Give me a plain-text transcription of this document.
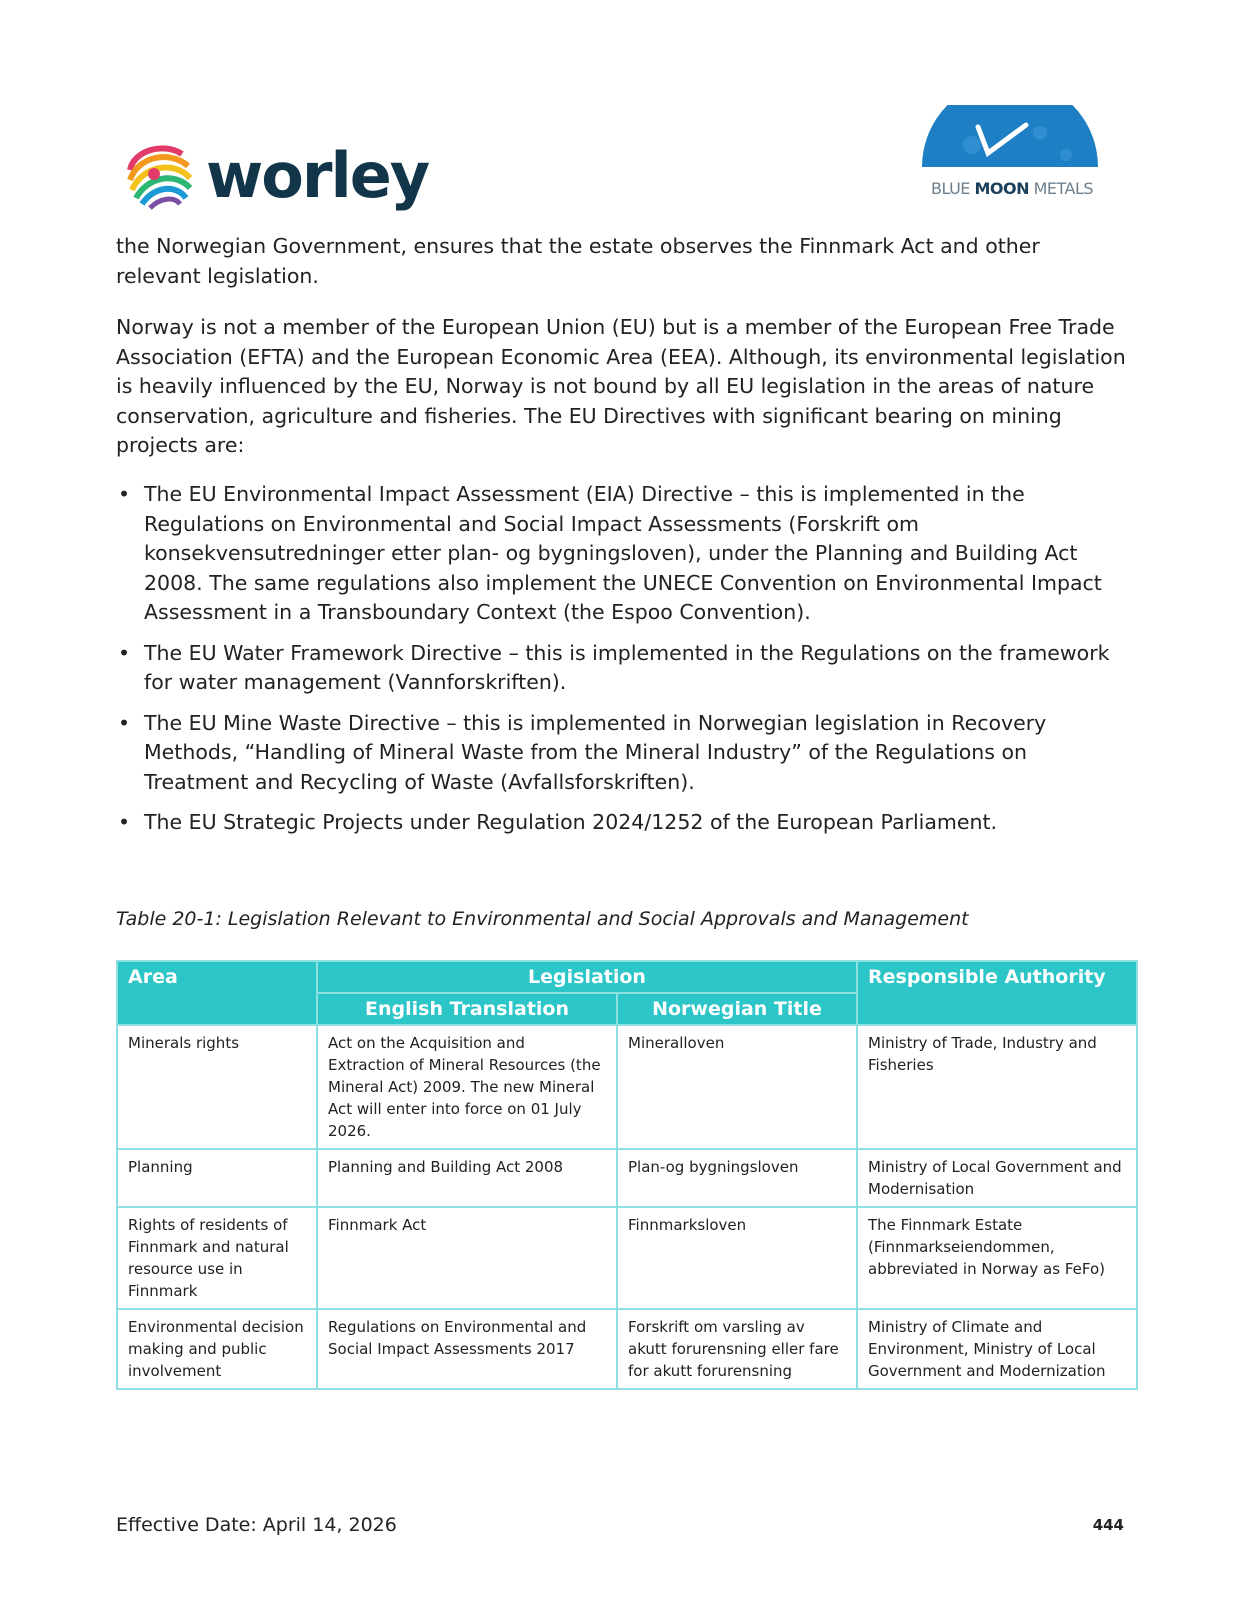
worley	BLUE MOON METALS

the Norwegian Government, ensures that the estate observes the Finnmark Act and other relevant legislation.

Norway is not a member of the European Union (EU) but is a member of the European Free Trade Association (EFTA) and the European Economic Area (EEA). Although, its environmental legislation is heavily influenced by the EU, Norway is not bound by all EU legislation in the areas of nature conservation, agriculture and fisheries. The EU Directives with significant bearing on mining projects are:

• The EU Environmental Impact Assessment (EIA) Directive – this is implemented in the Regulations on Environmental and Social Impact Assessments (Forskrift om konsekvensutredninger etter plan- og bygningsloven), under the Planning and Building Act 2008. The same regulations also implement the UNECE Convention on Environmental Impact Assessment in a Transboundary Context (the Espoo Convention).
• The EU Water Framework Directive – this is implemented in the Regulations on the framework for water management (Vannforskriften).
• The EU Mine Waste Directive – this is implemented in Norwegian legislation in Recovery Methods, “Handling of Mineral Waste from the Mineral Industry” of the Regulations on Treatment and Recycling of Waste (Avfallsforskriften).
• The EU Strategic Projects under Regulation 2024/1252 of the European Parliament.
Table 20-1: Legislation Relevant to Environmental and Social Approvals and Management
Area	Legislation		Responsible Authority
	English Translation	Norwegian Title	
Minerals rights	Act on the Acquisition and Extraction of Mineral Resources (the Mineral Act) 2009. The new Mineral Act will enter into force on 01 July 2026.	Mineralloven	Ministry of Trade, Industry and Fisheries
Planning	Planning and Building Act 2008	Plan-og bygningsloven	Ministry of Local Government and Modernisation
Rights of residents of Finnmark and natural resource use in Finnmark	Finnmark Act	Finnmarksloven	The Finnmark Estate (Finnmarkseiendommen, abbreviated in Norway as FeFo)
Environmental decision making and public involvement	Regulations on Environmental and Social Impact Assessments 2017	Forskrift om varsling av akutt forurensning eller fare for akutt forurensning	Ministry of Climate and Environment, Ministry of Local Government and Modernization
Effective Date: April 14, 2026	444
